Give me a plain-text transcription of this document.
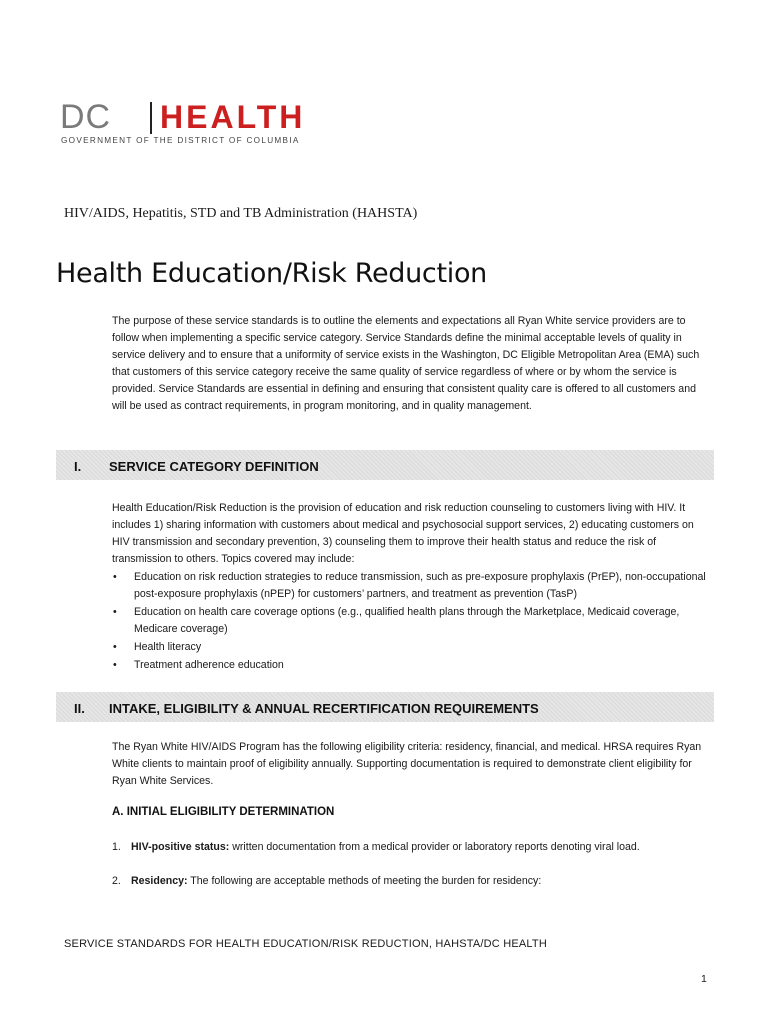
DC HEALTH
GOVERNMENT OF THE DISTRICT OF COLUMBIA
HIV/AIDS, Hepatitis, STD and TB Administration (HAHSTA)
Health Education/Risk Reduction
The purpose of these service standards is to outline the elements and expectations all Ryan White service providers are to follow when implementing a specific service category. Service Standards define the minimal acceptable levels of quality in service delivery and to ensure that a uniformity of service exists in the Washington, DC Eligible Metropolitan Area (EMA) such that customers of this service category receive the same quality of service regardless of where or by whom the service is provided. Service Standards are essential in defining and ensuring that consistent quality care is offered to all customers and will be used as contract requirements, in program monitoring, and in quality management.
I. SERVICE CATEGORY DEFINITION
Health Education/Risk Reduction is the provision of education and risk reduction counseling to customers living with HIV. It includes 1) sharing information with customers about medical and psychosocial support services, 2) educating customers on HIV transmission and secondary prevention, 3) counseling them to improve their health status and reduce the risk of transmission to others. Topics covered may include:
• Education on risk reduction strategies to reduce transmission, such as pre-exposure prophylaxis (PrEP), non-occupational post-exposure prophylaxis (nPEP) for customers’ partners, and treatment as prevention (TasP)
• Education on health care coverage options (e.g., qualified health plans through the Marketplace, Medicaid coverage, Medicare coverage)
• Health literacy
• Treatment adherence education
II. INTAKE, ELIGIBILITY & ANNUAL RECERTIFICATION REQUIREMENTS
The Ryan White HIV/AIDS Program has the following eligibility criteria: residency, financial, and medical. HRSA requires Ryan White clients to maintain proof of eligibility annually. Supporting documentation is required to demonstrate client eligibility for Ryan White Services.
A. INITIAL ELIGIBILITY DETERMINATION
1. HIV-positive status: written documentation from a medical provider or laboratory reports denoting viral load.
2. Residency: The following are acceptable methods of meeting the burden for residency:
SERVICE STANDARDS FOR HEALTH EDUCATION/RISK REDUCTION, HAHSTA/DC HEALTH
1
